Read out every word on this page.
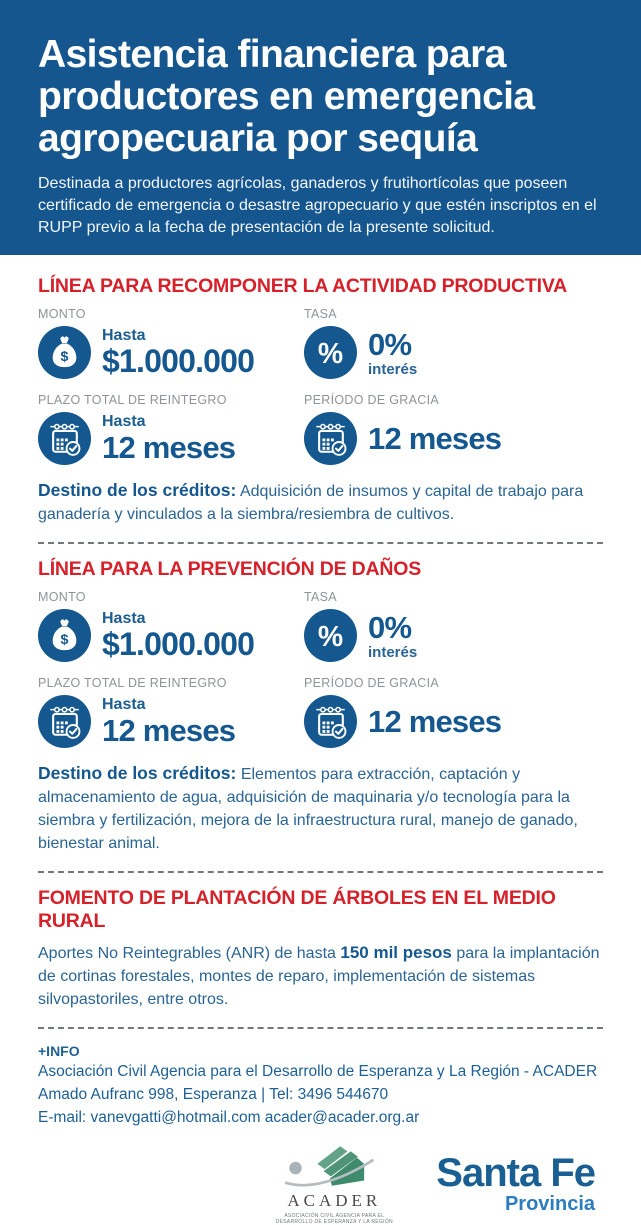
Asistencia financiera para
productores en emergencia
agropecuaria por sequía
Destinada a productores agrícolas, ganaderos y frutihortícolas que poseen certificado de emergencia o desastre agropecuario y que estén inscriptos en el RUPP previo a la fecha de presentación de la presente solicitud.
LÍNEA PARA RECOMPONER LA ACTIVIDAD PRODUCTIVA
MONTO
$
Hasta
$1.000.000
TASA
% 0%
interés
PLAZO TOTAL DE REINTEGRO
Hasta
12 meses
PERÍODO DE GRACIA
12 meses

Destino de los créditos: Adquisición de insumos y capital de trabajo para ganadería y vinculados a la siembra/resiembra de cultivos.

LÍNEA PARA LA PREVENCIÓN DE DAÑOS
MONTO
$
Hasta
$1.000.000
TASA
% 0%
interés
PLAZO TOTAL DE REINTEGRO
Hasta
12 meses
PERÍODO DE GRACIA
12 meses

Destino de los créditos: Elementos para extracción, captación y almacenamiento de agua, adquisición de maquinaria y/o tecnología para la siembra y fertilización, mejora de la infraestructura rural, manejo de ganado, bienestar animal.

FOMENTO DE PLANTACIÓN DE ÁRBOLES EN EL MEDIO RURAL

Aportes No Reintegrables (ANR) de hasta 150 mil pesos para la implantación de cortinas forestales, montes de reparo, implementación de sistemas silvopastoriles, entre otros.

+INFO

Asociación Civil Agencia para el Desarrollo de Esperanza y La Región - ACADER

Amado Aufranc 998, Esperanza | Tel: 3496 544670

E-mail: vanevgatti@hotmail.com acader@acader.org.ar

ACADER
ASOCIACIÓN CIVIL AGENCIA PARA EL
DESARROLLO DE ESPERANZA Y LA REGIÓN
Santa Fe
Provincia
